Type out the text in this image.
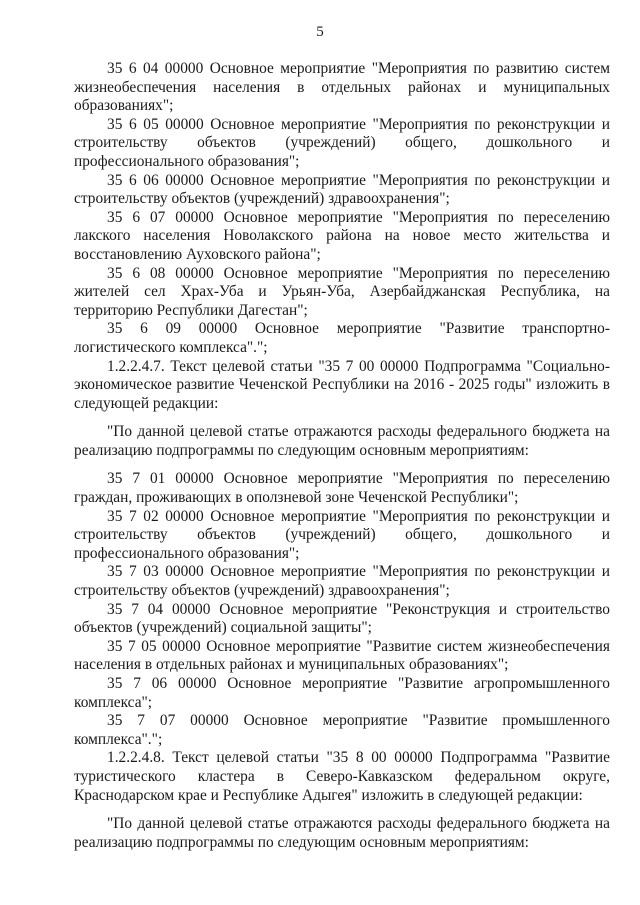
5

35 6 04 00000 Основное мероприятие "Мероприятия по развитию систем жизнеобеспечения населения в отдельных районах и муниципальных образованиях";

35 6 05 00000 Основное мероприятие "Мероприятия по реконструкции и строительству объектов (учреждений) общего, дошкольного и профессионального образования";

35 6 06 00000 Основное мероприятие "Мероприятия по реконструкции и строительству объектов (учреждений) здравоохранения";

35 6 07 00000 Основное мероприятие "Мероприятия по переселению лакского населения Новолакского района на новое место жительства и восстановлению Ауховского района";

35 6 08 00000 Основное мероприятие "Мероприятия по переселению жителей сел Храх-Уба и Урьян-Уба, Азербайджанская Республика, на территорию Республики Дагестан";

35 6 09 00000 Основное мероприятие "Развитие транспортно-логистического комплекса".";

1.2.2.4.7. Текст целевой статьи "35 7 00 00000 Подпрограмма "Социально-экономическое развитие Чеченской Республики на 2016 - 2025 годы" изложить в следующей редакции:

"По данной целевой статье отражаются расходы федерального бюджета на реализацию подпрограммы по следующим основным мероприятиям:

35 7 01 00000 Основное мероприятие "Мероприятия по переселению граждан, проживающих в оползневой зоне Чеченской Республики";

35 7 02 00000 Основное мероприятие "Мероприятия по реконструкции и строительству объектов (учреждений) общего, дошкольного и профессионального образования";

35 7 03 00000 Основное мероприятие "Мероприятия по реконструкции и строительству объектов (учреждений) здравоохранения";

35 7 04 00000 Основное мероприятие "Реконструкция и строительство объектов (учреждений) социальной защиты";

35 7 05 00000 Основное мероприятие "Развитие систем жизнеобеспечения населения в отдельных районах и муниципальных образованиях";

35 7 06 00000 Основное мероприятие "Развитие агропромышленного комплекса";

35 7 07 00000 Основное мероприятие "Развитие промышленного комплекса".";

1.2.2.4.8. Текст целевой статьи "35 8 00 00000 Подпрограмма "Развитие туристического кластера в Северо-Кавказском федеральном округе, Краснодарском крае и Республике Адыгея" изложить в следующей редакции:

"По данной целевой статье отражаются расходы федерального бюджета на реализацию подпрограммы по следующим основным мероприятиям:
